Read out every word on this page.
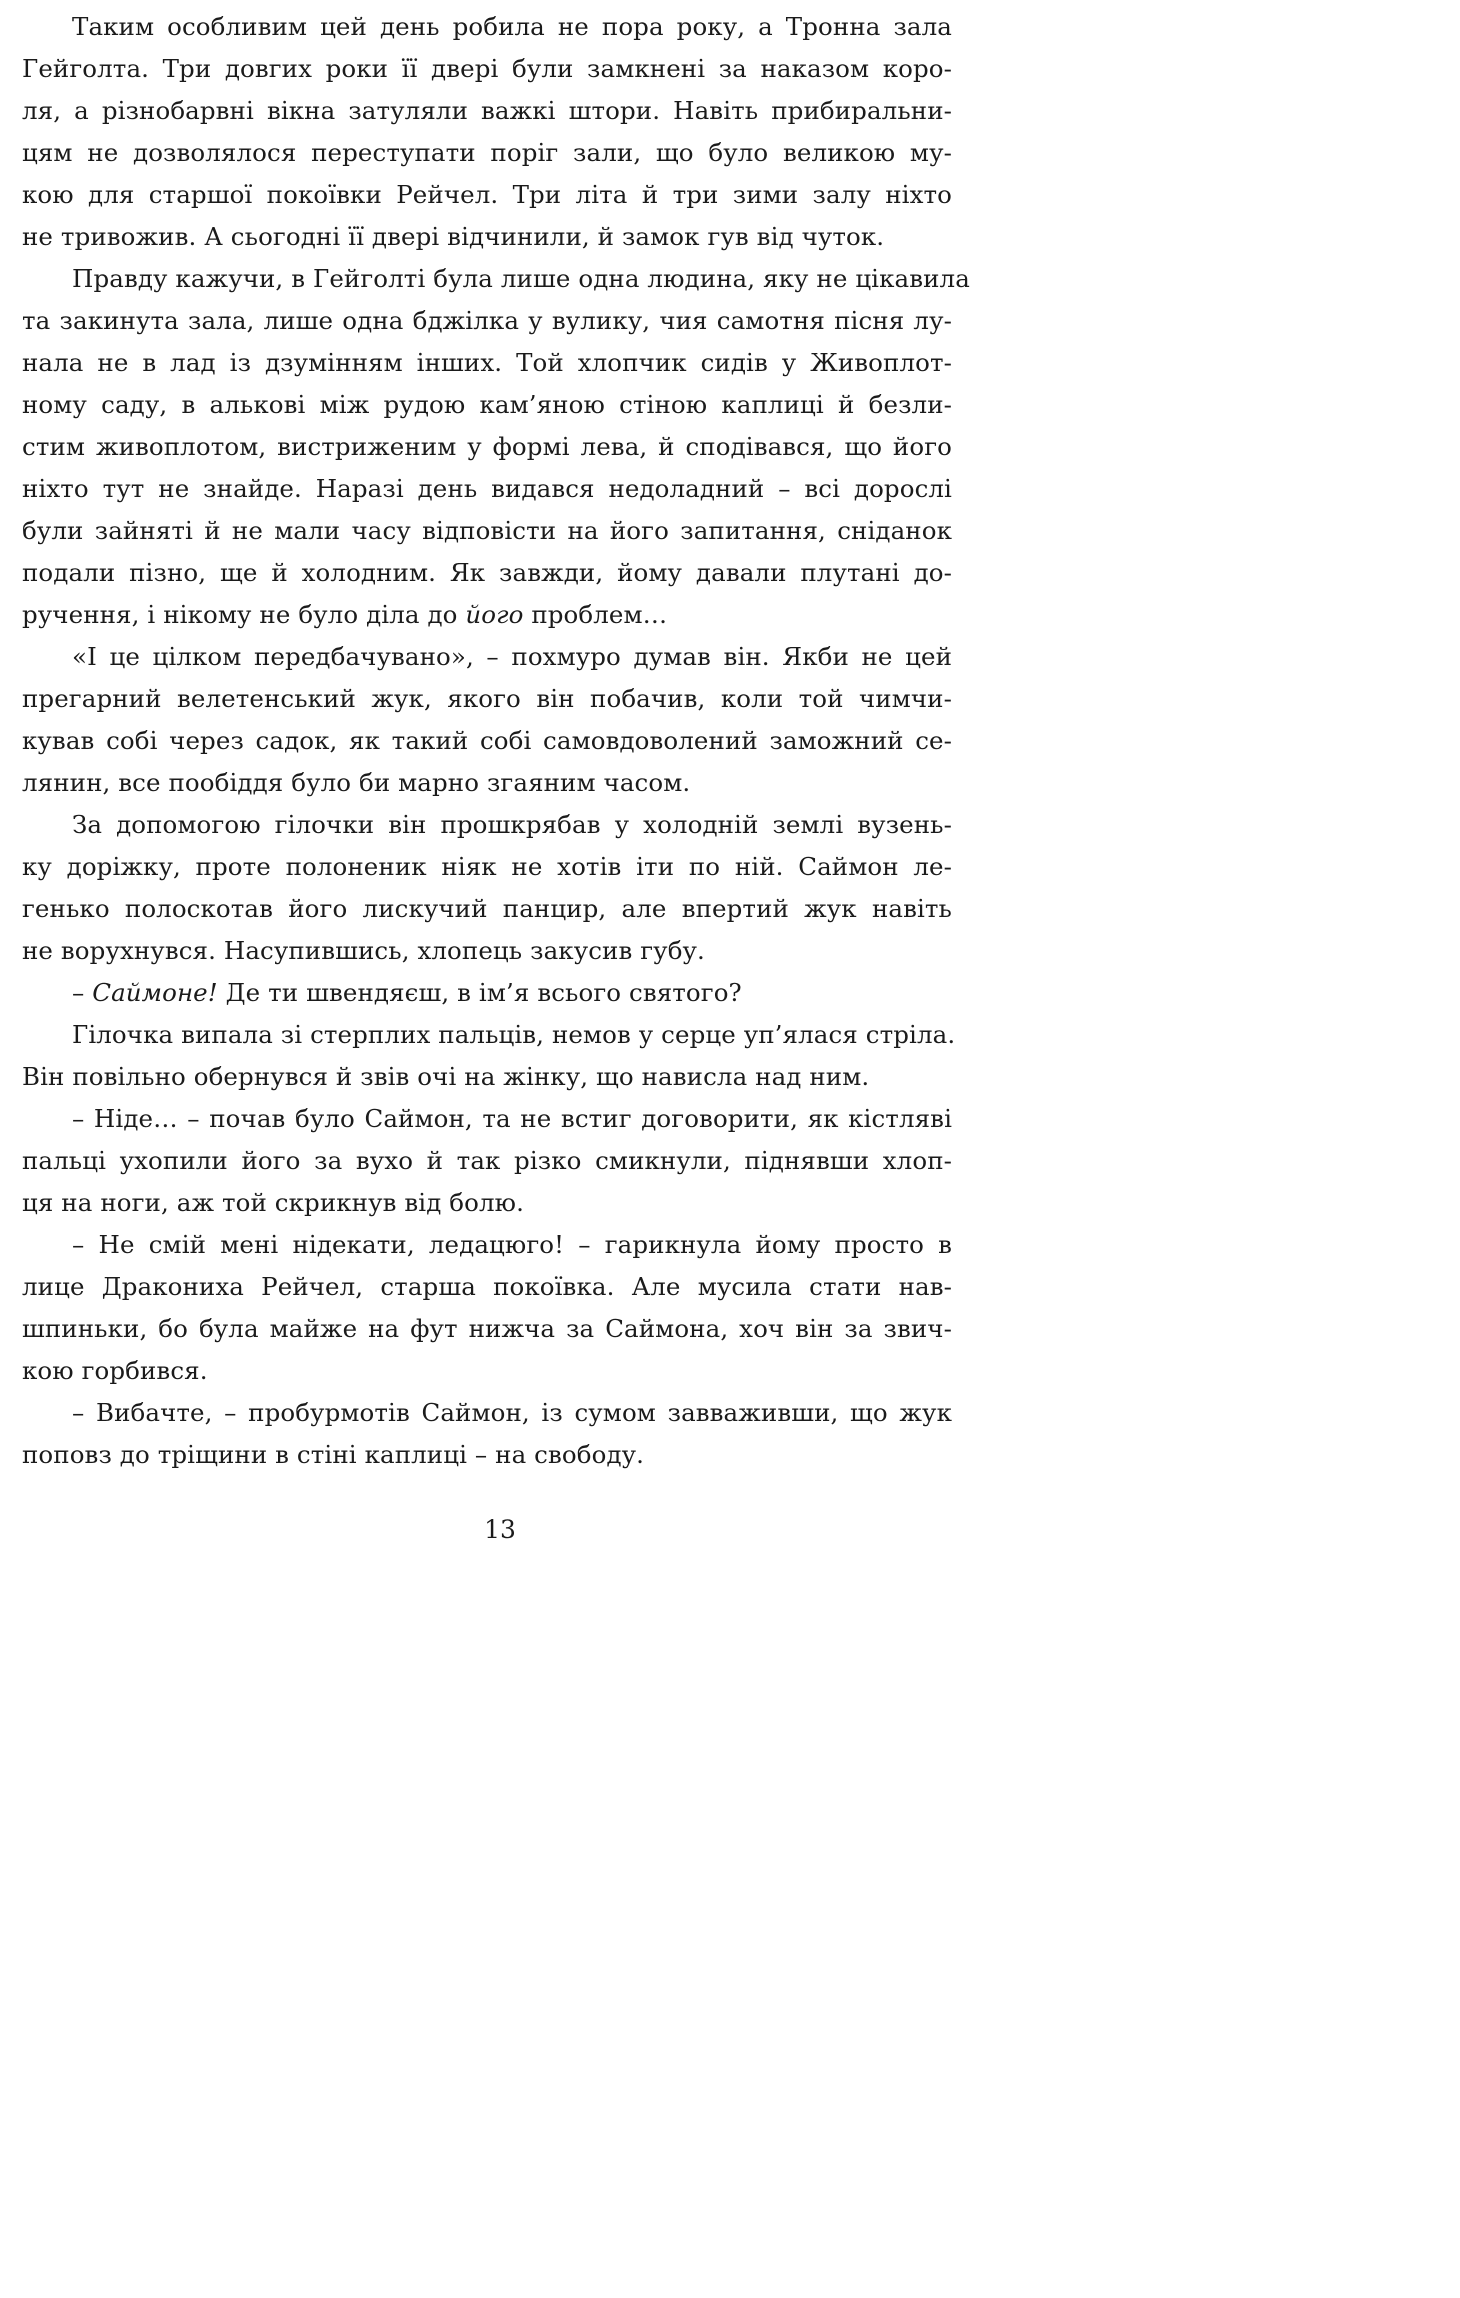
Таким особливим цей день робила не пора року, а Тронна зала
Гейголта. Три довгих роки її двері були замкнені за наказом коро-
ля, а різнобарвні вікна затуляли важкі штори. Навіть прибиральни-
цям не дозволялося переступати поріг зали, що було великою му-
кою для старшої покоївки Рейчел. Три літа й три зими залу ніхто
не тривожив. А сьогодні її двері відчинили, й замок гув від чуток.
Правду кажучи, в Гейголті була лише одна людина, яку не цікавила
та закинута зала, лише одна бджілка у вулику, чия самотня пісня лу-
нала не в лад із дзумінням інших. Той хлопчик сидів у Живоплот-
ному саду, в альковi між рудою кам’яною стіною каплиці й безли-
стим живоплотом, вистриженим у формі лева, й сподівався, що його
ніхто тут не знайде. Наразі день видався недоладний – всі дорослі
були зайняті й не мали часу відповісти на його запитання, сніданок
подали пізно, ще й холодним. Як завжди, йому давали плутані до-
ручення, і нікому не було діла до його проблем…
«І це цілком передбачувано», – похмуро думав він. Якби не цей
прегарний велетенський жук, якого він побачив, коли той чимчи-
кував собі через садок, як такий собі самовдоволений заможний се-
лянин, все пообіддя було би марно згаяним часом.
За допомогою гілочки він прошкрябав у холодній землі вузень-
ку доріжку, проте полоненик ніяк не хотів іти по ній. Саймон ле-
генько полоскотав його лискучий панцир, але впертий жук навіть
не ворухнувся. Насупившись, хлопець закусив губу.
– Саймоне! Де ти швендяєш, в ім’я всього святого?
Гілочка випала зі стерплих пальців, немов у серце уп’ялася стріла.
Він повільно обернувся й звів очі на жінку, що нависла над ним.
– Ніде… – почав було Саймон, та не встиг договорити, як кістляві
пальці ухопили його за вухо й так різко смикнули, піднявши хлоп-
ця на ноги, аж той скрикнув від болю.
– Не смій мені нідекати, ледацюго! – гарикнула йому просто в
лице Дракониха Рейчел, старша покоївка. Але мусила стати нав-
шпиньки, бо була майже на фут нижча за Саймона, хоч він за звич-
кою горбився.
– Вибачте, – пробурмотів Саймон, із сумом завваживши, що жук
поповз до тріщини в стіні каплиці – на свободу.
13
